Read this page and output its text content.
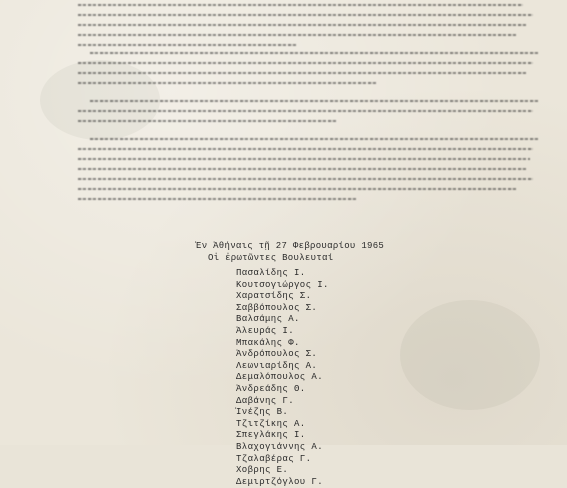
Ἐν Ἀθήναις τῇ 27 Φεβρουαρίου 1965
Οἱ ἐρωτῶντες Βουλευταί
Πασαλίδης Ι.
Κουτσογιώργος Ι.
Χαρατσίδης Σ.
Σαββόπουλος Σ.
Βαλσάμης Α.
Ἀλευράς Ι.
Μπακάλης Φ.
Ἀνδρόπουλος Σ.
Λεωνιαρίδης Α.
Δεμαλόπουλος Α.
Ἀνδρεάδης Θ.
Δαβάνης Γ.
Ἰνέζης Β.
Τζιτζίκης Α.
Σπεγλάκης Ι.
Βλαχογιάννης Α.
Τζαλαβέρας Γ.
Χοβρης Ε.
Δεμιρτζόγλου Γ.
